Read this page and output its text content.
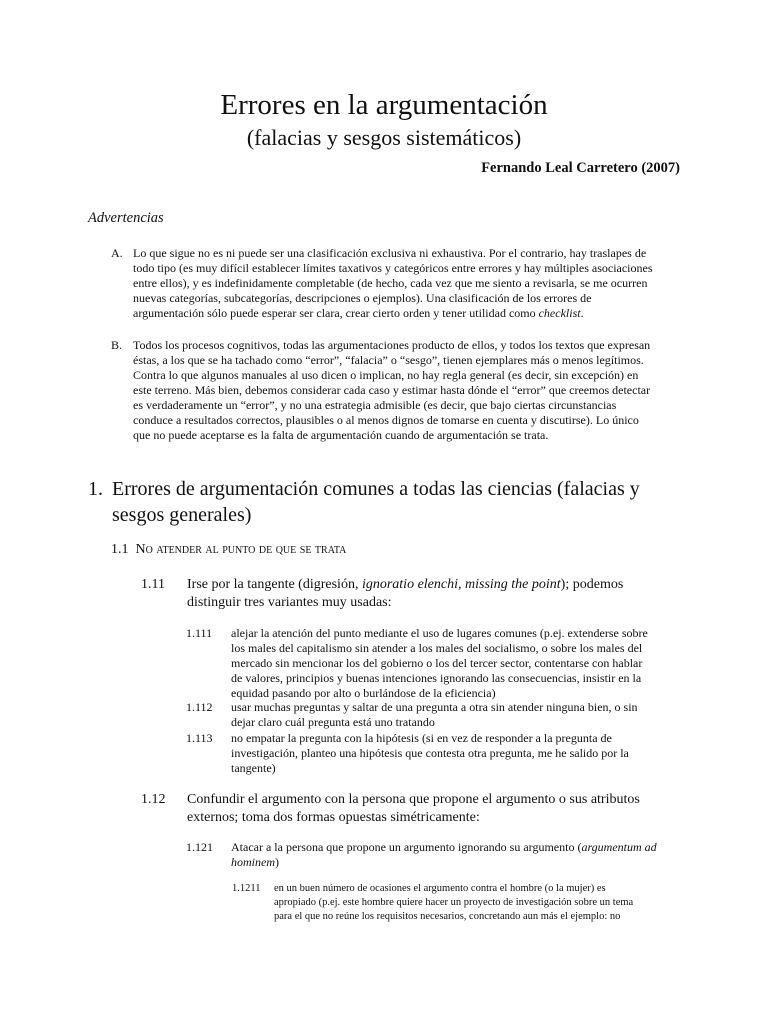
Errores en la argumentación
(falacias y sesgos sistemáticos)
Fernando Leal Carretero (2007)
Advertencias
A. Lo que sigue no es ni puede ser una clasificación exclusiva ni exhaustiva. Por el contrario, hay traslapes de todo tipo (es muy difícil establecer límites taxativos y categóricos entre errores y hay múltiples asociaciones entre ellos), y es indefinidamente completable (de hecho, cada vez que me siento a revisarla, se me ocurren nuevas categorías, subcategorías, descripciones o ejemplos). Una clasificación de los errores de argumentación sólo puede esperar ser clara, crear cierto orden y tener utilidad como checklist.
B. Todos los procesos cognitivos, todas las argumentaciones producto de ellos, y todos los textos que expresan éstas, a los que se ha tachado como “error”, “falacia” o “sesgo”, tienen ejemplares más o menos legítimos. Contra lo que algunos manuales al uso dicen o implican, no hay regla general (es decir, sin excepción) en este terreno. Más bien, debemos considerar cada caso y estimar hasta dónde el “error” que creemos detectar es verdaderamente un “error”, y no una estrategia admisible (es decir, que bajo ciertas circunstancias conduce a resultados correctos, plausibles o al menos dignos de tomarse en cuenta y discutirse). Lo único que no puede aceptarse es la falta de argumentación cuando de argumentación se trata.
1. Errores de argumentación comunes a todas las ciencias (falacias y sesgos generales)
1.1 No atender al punto de que se trata
1.11 Irse por la tangente (digresión, ignoratio elenchi, missing the point); podemos distinguir tres variantes muy usadas:
1.111 alejar la atención del punto mediante el uso de lugares comunes (p.ej. extenderse sobre los males del capitalismo sin atender a los males del socialismo, o sobre los males del mercado sin mencionar los del gobierno o los del tercer sector, contentarse con hablar de valores, principios y buenas intenciones ignorando las consecuencias, insistir en la equidad pasando por alto o burlándose de la eficiencia)
1.112 usar muchas preguntas y saltar de una pregunta a otra sin atender ninguna bien, o sin dejar claro cuál pregunta está uno tratando
1.113 no empatar la pregunta con la hipótesis (si en vez de responder a la pregunta de investigación, planteo una hipótesis que contesta otra pregunta, me he salido por la tangente)
1.12 Confundir el argumento con la persona que propone el argumento o sus atributos externos; toma dos formas opuestas simétricamente:
1.121 Atacar a la persona que propone un argumento ignorando su argumento (argumentum ad hominem)
1.1211 en un buen número de ocasiones el argumento contra el hombre (o la mujer) es apropiado (p.ej. este hombre quiere hacer un proyecto de investigación sobre un tema para el que no reúne los requisitos necesarios, concretando aun más el ejemplo: no
